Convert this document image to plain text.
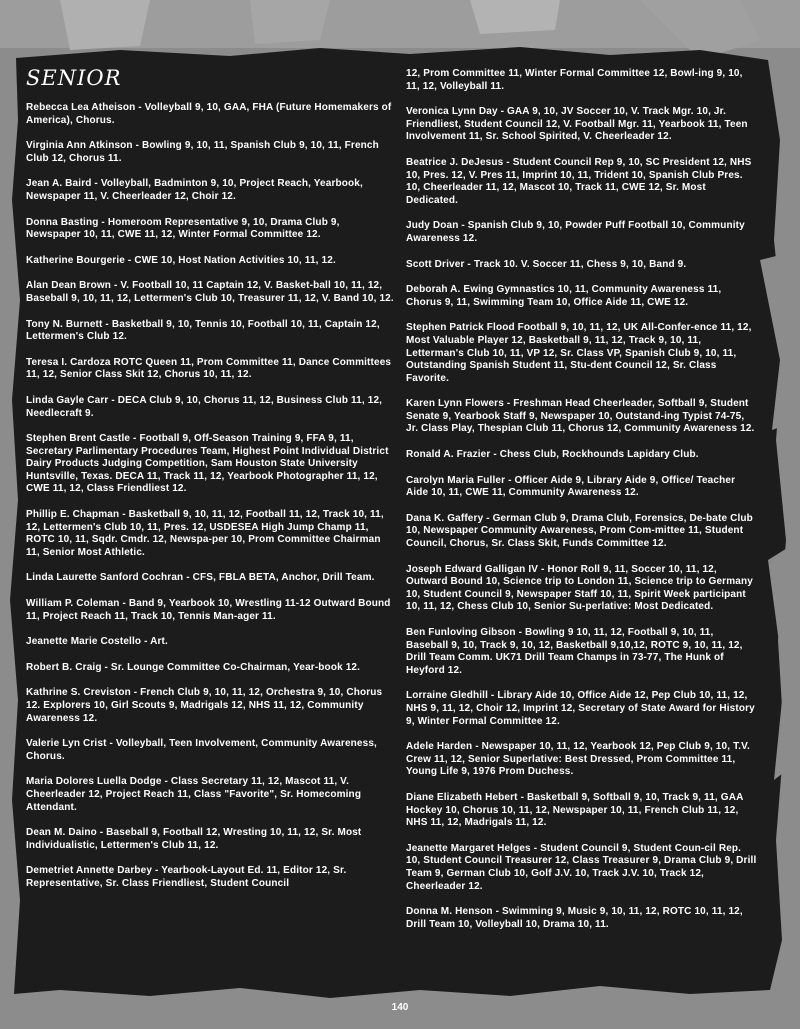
SENIOR

Rebecca Lea Atheison - Volleyball 9, 10, GAA, FHA (Future Homemakers of America), Chorus.

Virginia Ann Atkinson - Bowling 9, 10, 11, Spanish Club 9, 10, 11, French Club 12, Chorus 11.

Jean A. Baird - Volleyball, Badminton 9, 10, Project Reach, Yearbook, Newspaper 11, V. Cheerleader 12, Choir 12.

Donna Basting - Homeroom Representative 9, 10, Drama Club 9, Newspaper 10, 11, CWE 11, 12, Winter Formal Committee 12.

Katherine Bourgerie - CWE 10, Host Nation Activities 10, 11, 12.

Alan Dean Brown - V. Football 10, 11 Captain 12, V. Basket-ball 10, 11, 12, Baseball 9, 10, 11, 12, Lettermen's Club 10, Treasurer 11, 12, V. Band 10, 12.

Tony N. Burnett - Basketball 9, 10, Tennis 10, Football 10, 11, Captain 12, Lettermen's Club 12.

Teresa I. Cardoza ROTC Queen 11, Prom Committee 11, Dance Committees 11, 12, Senior Class Skit 12, Chorus 10, 11, 12.

Linda Gayle Carr - DECA Club 9, 10, Chorus 11, 12, Business Club 11, 12, Needlecraft 9.

Stephen Brent Castle - Football 9, Off-Season Training 9, FFA 9, 11, Secretary Parlimentary Procedures Team, Highest Point Individual District Dairy Products Judging Competition, Sam Houston State University Huntsville, Texas. DECA 11, Track 11, 12, Yearbook Photographer 11, 12, CWE 11, 12, Class Friendliest 12.

Phillip E. Chapman - Basketball 9, 10, 11, 12, Football 11, 12, Track 10, 11, 12, Lettermen's Club 10, 11, Pres. 12, USDESEA High Jump Champ 11, ROTC 10, 11, Sqdr. Cmdr. 12, Newspa-per 10, Prom Committee Chairman 11, Senior Most Athletic.

Linda Laurette Sanford Cochran - CFS, FBLA BETA, Anchor, Drill Team.

William P. Coleman - Band 9, Yearbook 10, Wrestling 11-12 Outward Bound 11, Project Reach 11, Track 10, Tennis Man-ager 11.

Jeanette Marie Costello - Art.

Robert B. Craig - Sr. Lounge Committee Co-Chairman, Year-book 12.

Kathrine S. Creviston - French Club 9, 10, 11, 12, Orchestra 9, 10, Chorus 12. Explorers 10, Girl Scouts 9, Madrigals 12, NHS 11, 12, Community Awareness 12.

Valerie Lyn Crist - Volleyball, Teen Involvement, Community Awareness, Chorus.

Maria Dolores Luella Dodge - Class Secretary 11, 12, Mascot 11, V. Cheerleader 12, Project Reach 11, Class "Favorite", Sr. Homecoming Attendant.

Dean M. Daino - Baseball 9, Football 12, Wresting 10, 11, 12, Sr. Most Individualistic, Lettermen's Club 11, 12.

Demetriet Annette Darbey - Yearbook-Layout Ed. 11, Editor 12, Sr. Representative, Sr. Class Friendliest, Student Council

12, Prom Committee 11, Winter Formal Committee 12, Bowl-ing 9, 10, 11, 12, Volleyball 11.

Veronica Lynn Day - GAA 9, 10, JV Soccer 10, V. Track Mgr. 10, Jr. Friendliest, Student Council 12, V. Football Mgr. 11, Yearbook 11, Teen Involvement 11, Sr. School Spirited, V. Cheerleader 12.

Beatrice J. DeJesus - Student Council Rep 9, 10, SC President 12, NHS 10, Pres. 12, V. Pres 11, Imprint 10, 11, Trident 10, Spanish Club Pres. 10, Cheerleader 11, 12, Mascot 10, Track 11, CWE 12, Sr. Most Dedicated.

Judy Doan - Spanish Club 9, 10, Powder Puff Football 10, Community Awareness 12.

Scott Driver - Track 10. V. Soccer 11, Chess 9, 10, Band 9.

Deborah A. Ewing Gymnastics 10, 11, Community Awareness 11, Chorus 9, 11, Swimming Team 10, Office Aide 11, CWE 12.

Stephen Patrick Flood Football 9, 10, 11, 12, UK All-Confer-ence 11, 12, Most Valuable Player 12, Basketball 9, 11, 12, Track 9, 10, 11, Letterman's Club 10, 11, VP 12, Sr. Class VP, Spanish Club 9, 10, 11, Outstanding Spanish Student 11, Stu-dent Council 12, Sr. Class Favorite.

Karen Lynn Flowers - Freshman Head Cheerleader, Softball 9, Student Senate 9, Yearbook Staff 9, Newspaper 10, Outstand-ing Typist 74-75, Jr. Class Play, Thespian Club 11, Chorus 12, Community Awareness 12.

Ronald A. Frazier - Chess Club, Rockhounds Lapidary Club.

Carolyn Maria Fuller - Officer Aide 9, Library Aide 9, Office/ Teacher Aide 10, 11, CWE 11, Community Awareness 12.

Dana K. Gaffery - German Club 9, Drama Club, Forensics, De-bate Club 10, Newspaper Community Awareness, Prom Com-mittee 11, Student Council, Chorus, Sr. Class Skit, Funds Committee 12.

Joseph Edward Galligan IV - Honor Roll 9, 11, Soccer 10, 11, 12, Outward Bound 10, Science trip to London 11, Science trip to Germany 10, Student Council 9, Newspaper Staff 10, 11, Spirit Week participant 10, 11, 12, Chess Club 10, Senior Su-perlative: Most Dedicated.

Ben Funloving Gibson - Bowling 9 10, 11, 12, Football 9, 10, 11, Baseball 9, 10, Track 9, 10, 12, Basketball 9,10,12, ROTC 9, 10, 11, 12, Drill Team Comm. UK71 Drill Team Champs in 73-77, The Hunk of Heyford 12.

Lorraine Gledhill - Library Aide 10, Office Aide 12, Pep Club 10, 11, 12, NHS 9, 11, 12, Choir 12, Imprint 12, Secretary of State Award for History 9, Winter Formal Committee 12.

Adele Harden - Newspaper 10, 11, 12, Yearbook 12, Pep Club 9, 10, T.V. Crew 11, 12, Senior Superlative: Best Dressed, Prom Committee 11, Young Life 9, 1976 Prom Duchess.

Diane Elizabeth Hebert - Basketball 9, Softball 9, 10, Track 9, 11, GAA Hockey 10, Chorus 10, 11, 12, Newspaper 10, 11, French Club 11, 12, NHS 11, 12, Madrigals 11, 12.

Jeanette Margaret Helges - Student Council 9, Student Coun-cil Rep. 10, Student Council Treasurer 12, Class Treasurer 9, Drama Club 9, Drill Team 9, German Club 10, Golf J.V. 10, Track J.V. 10, Track 12, Cheerleader 12.

Donna M. Henson - Swimming 9, Music 9, 10, 11, 12, ROTC 10, 11, 12, Drill Team 10, Volleyball 10, Drama 10, 11.

140
